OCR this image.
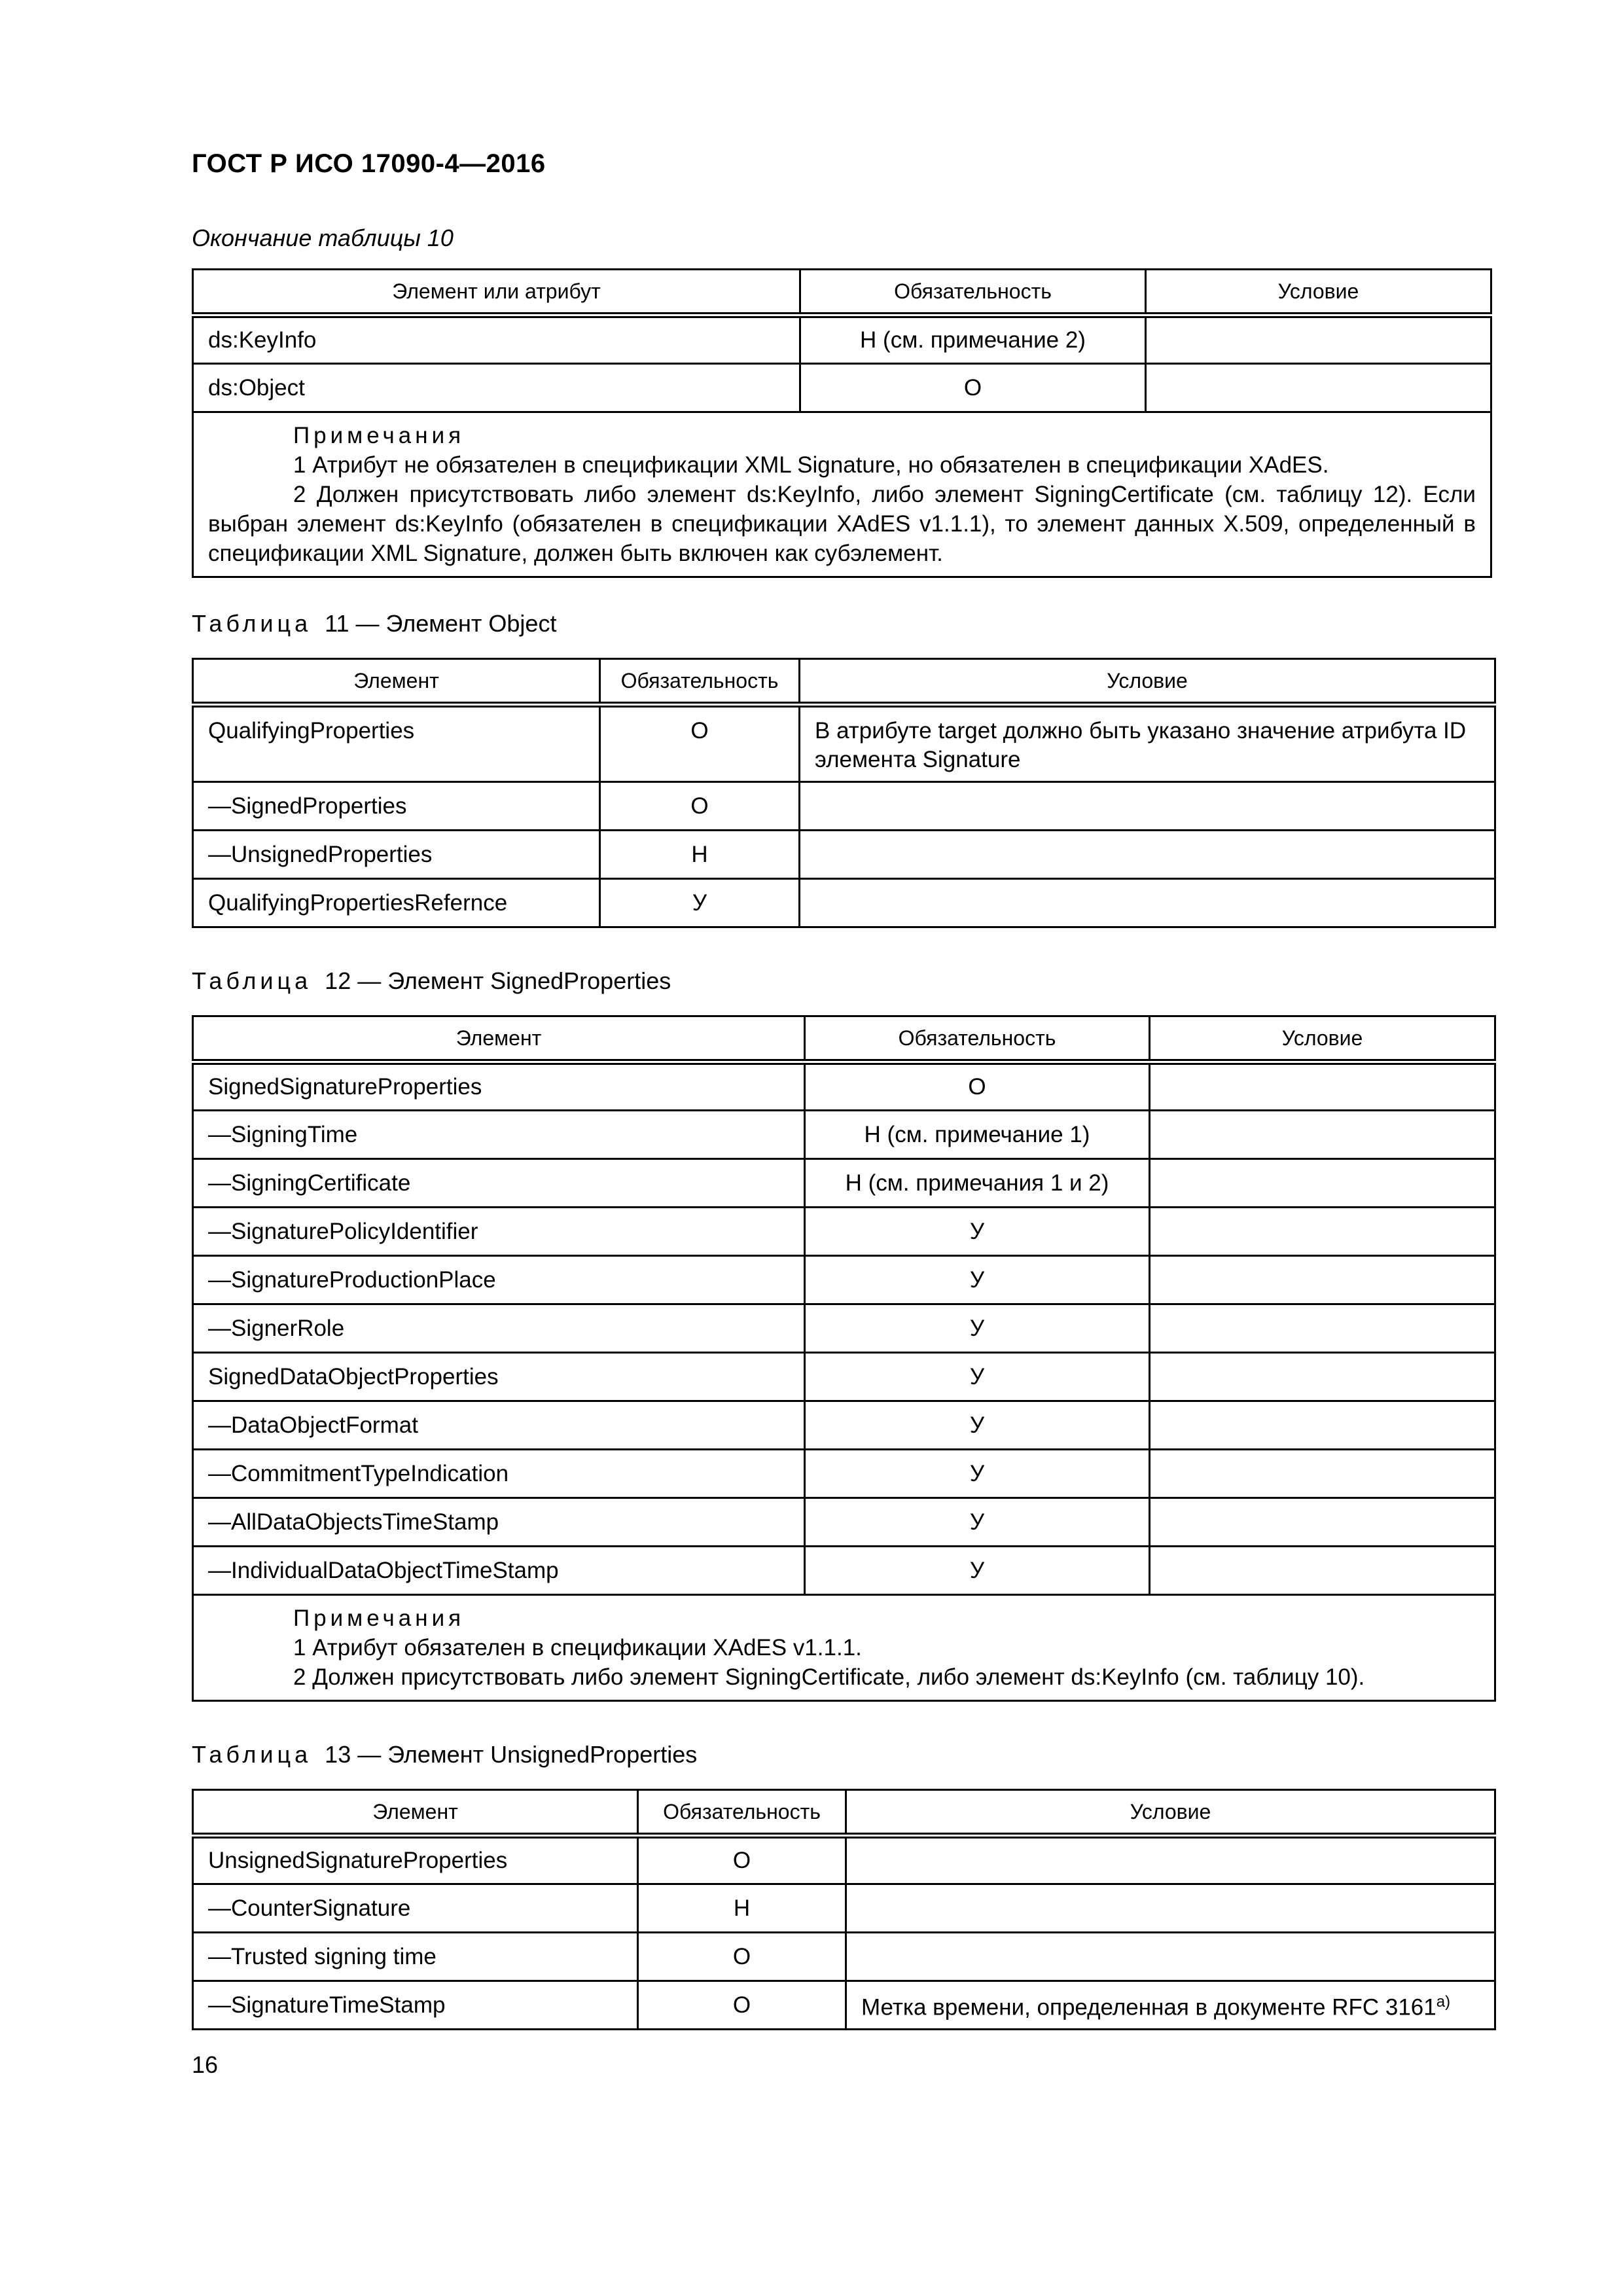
ГОСТ Р ИСО 17090-4—2016
Окончание таблицы 10
Элемент или атрибут	Обязательность	Условие
ds:KeyInfo	Н (см. примечание 2)	
ds:Object	О	

Примечания
1 Атрибут не обязателен в спецификации XML Signature, но обязателен в спецификации XAdES.
2 Должен присутствовать либо элемент ds:KeyInfo, либо элемент SigningCertificate (см. таблицу 12). Если выбран элемент ds:KeyInfo (обязателен в спецификации XAdES v1.1.1), то элемент данных X.509, определенный в спецификации XML Signature, должен быть включен как субэлемент.		
Таблица 11 — Элемент Object
Элемент	Обязательность	Условие
QualifyingProperties	О	В атрибуте target должно быть указано значение атрибута ID элемента Signature
—SignedProperties	О	
—UnsignedProperties	Н	
QualifyingPropertiesRefernce	У	
Таблица 12 — Элемент SignedProperties
Элемент	Обязательность	Условие
SignedSignatureProperties	О	
—SigningTime	Н (см. примечание 1)	
—SigningCertificate	Н (см. примечания 1 и 2)	
—SignaturePolicyIdentifier	У	
—SignatureProductionPlace	У	
—SignerRole	У	
SignedDataObjectProperties	У	
—DataObjectFormat	У	
—CommitmentTypeIndication	У	
—AllDataObjectsTimeStamp	У	
—IndividualDataObjectTimeStamp	У	

Примечания
1 Атрибут обязателен в спецификации XAdES v1.1.1.
2 Должен присутствовать либо элемент SigningCertificate, либо элемент ds:KeyInfo (см. таблицу 10).		
Таблица 13 — Элемент UnsignedProperties
Элемент	Обязательность	Условие
UnsignedSignatureProperties	О	
—CounterSignature	Н	
—Trusted signing time	О	
—SignatureTimeStamp	О	Метка времени, определенная в документе RFC 3161$^{a)}$
16
